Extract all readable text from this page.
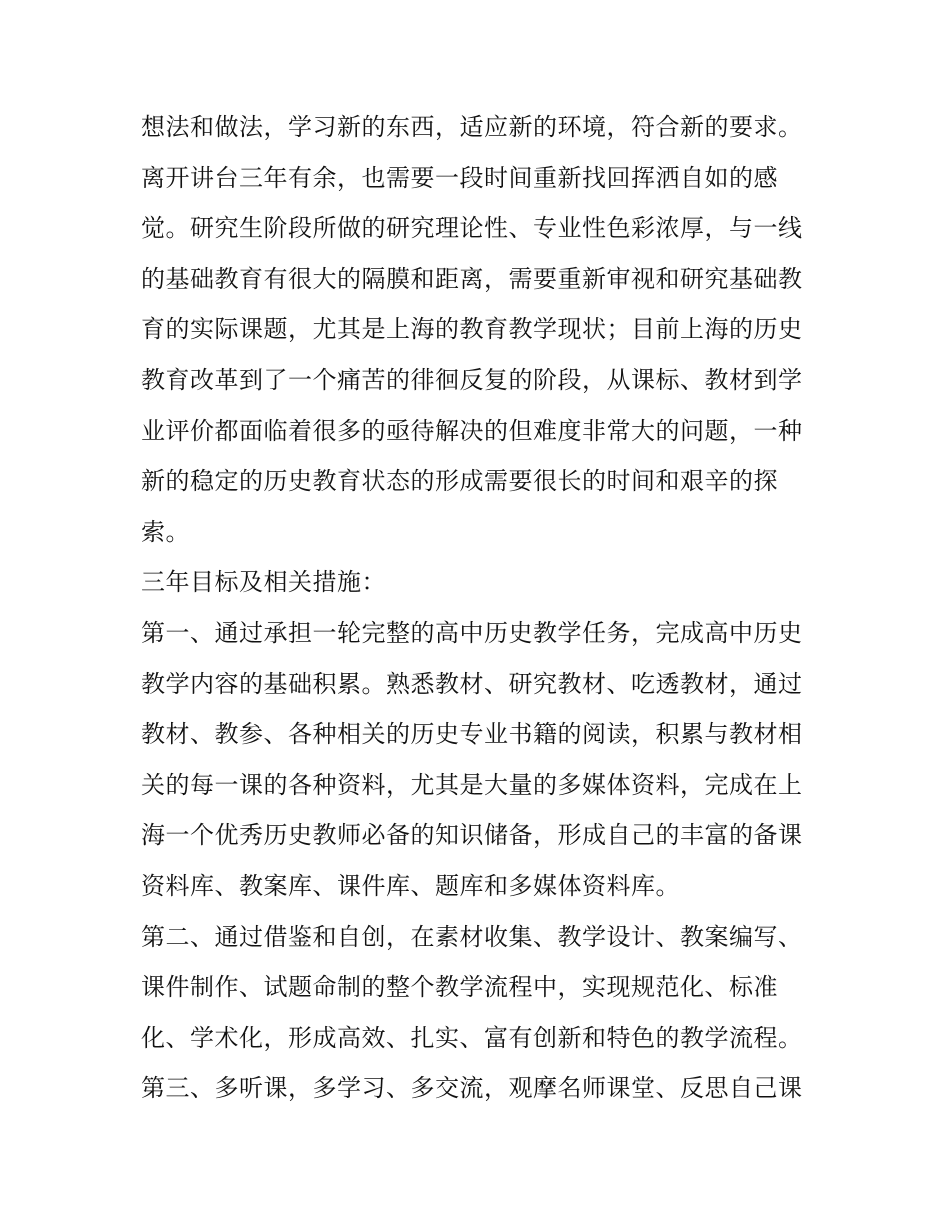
想法和做法，学习新的东西，适应新的环境，符合新的要求。
离开讲台三年有余，也需要一段时间重新找回挥洒自如的感
觉。研究生阶段所做的研究理论性、专业性色彩浓厚，与一线
的基础教育有很大的隔膜和距离，需要重新审视和研究基础教
育的实际课题，尤其是上海的教育教学现状；目前上海的历史
教育改革到了一个痛苦的徘徊反复的阶段，从课标、教材到学
业评价都面临着很多的亟待解决的但难度非常大的问题，一种
新的稳定的历史教育状态的形成需要很长的时间和艰辛的探
索。
三年目标及相关措施：
第一、通过承担一轮完整的高中历史教学任务，完成高中历史
教学内容的基础积累。熟悉教材、研究教材、吃透教材，通过
教材、教参、各种相关的历史专业书籍的阅读，积累与教材相
关的每一课的各种资料，尤其是大量的多媒体资料，完成在上
海一个优秀历史教师必备的知识储备，形成自己的丰富的备课
资料库、教案库、课件库、题库和多媒体资料库。
第二、通过借鉴和自创，在素材收集、教学设计、教案编写、
课件制作、试题命制的整个教学流程中，实现规范化、标准
化、学术化，形成高效、扎实、富有创新和特色的教学流程。
第三、多听课，多学习、多交流，观摩名师课堂、反思自己课
